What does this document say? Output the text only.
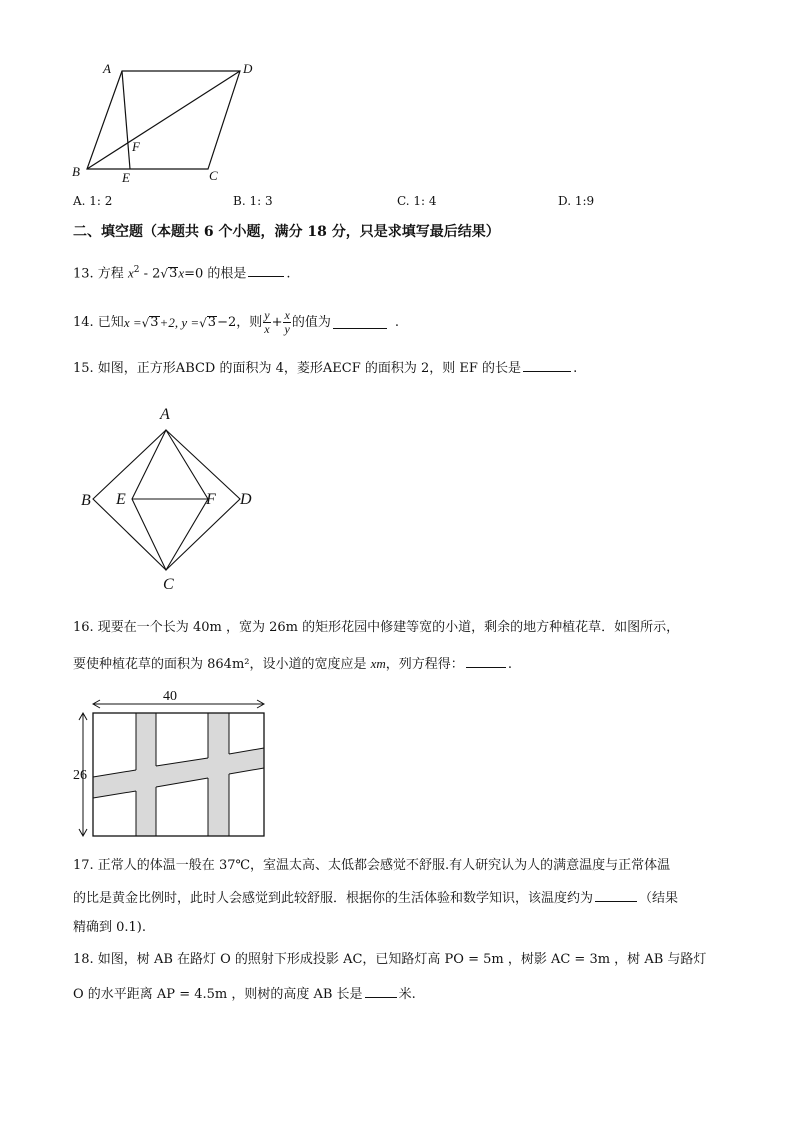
A	D
B	E	C
F
A. 1: 2	B. 1: 3	C. 1: 4	D. 1:9
二、填空题（本题共 6 个小题，满分 18 分，只是求填写最后结果）
13. 方程 $x^2 - 2√3x=0$ 的根是	.
14. 已知 x = √ 3 +2, y = √ 3 −2 ，则 $\frac{y}{x} + \frac{x}{y}$ 的值为	.
15. 如图，正方形ABCD 的面积为 4，菱形AECF 的面积为 2，则 EF 的长是	.
A
B E	F D
C
16. 现要在一个长为 40m ，宽为 26m 的矩形花园中修建等宽的小道，剩余的地方种植花草．如图所示，
要使种植花草的面积为 864m²，设小道的宽度应是 xm，列方程得：	.
40
26
17. 正常人的体温一般在 37℃，室温太高、太低都会感觉不舒服.有人研究认为人的满意温度与正常体温
的比是黄金比例时，此时人会感觉到此较舒服．根据你的生活体验和数学知识，该温度约为	（结果
精确到 0.1).
18. 如图，树 AB 在路灯 O 的照射下形成投影 AC，已知路灯高 PO = 5m ，树影 AC = 3m ，树 AB 与路灯
O 的水平距离 AP = 4.5m ，则树的高度 AB 长是	米.
